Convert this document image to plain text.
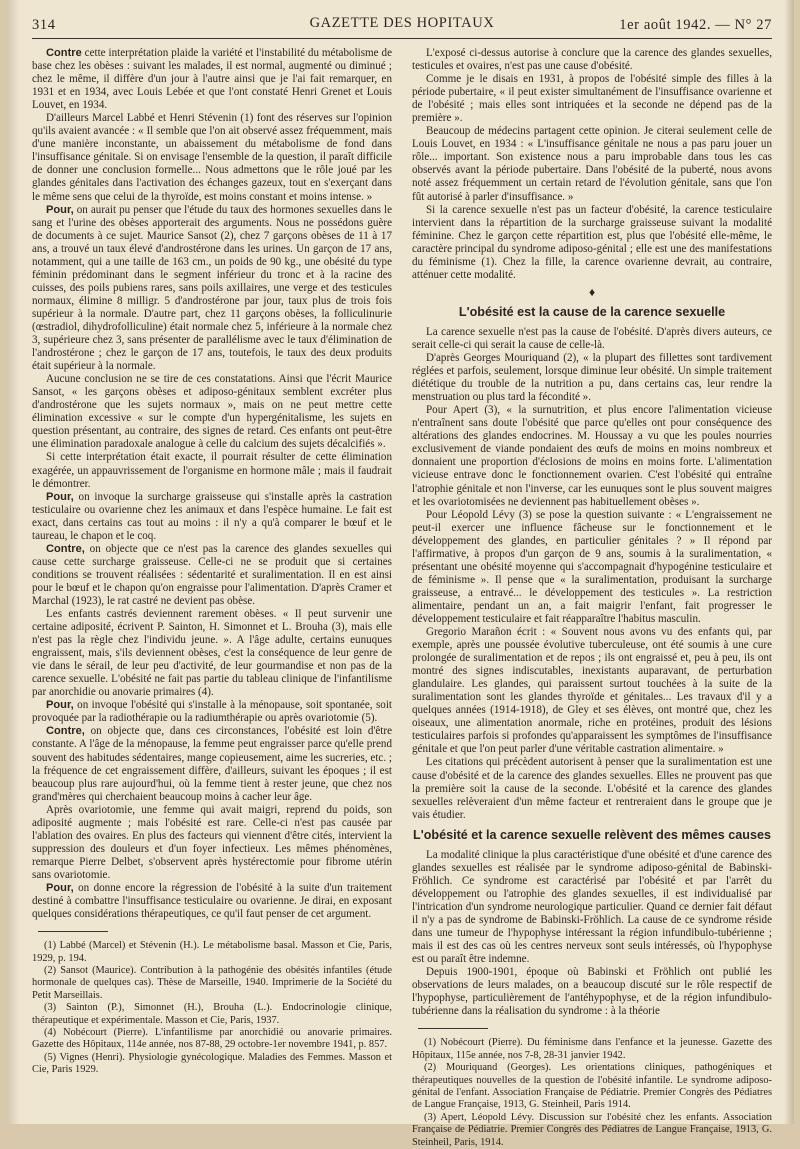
314	GAZETTE DES HOPITAUX	1er août 1942. — N° 27

Contre cette interprétation plaide la variété et l'instabilité du métabolisme de base chez les obèses : suivant les malades, il est normal, augmenté ou diminué ; chez le même, il diffère d'un jour à l'autre ainsi que je l'ai fait remarquer, en 1931 et en 1934, avec Louis Lebée et que l'ont constaté Henri Grenet et Louis Louvet, en 1934.

D'ailleurs Marcel Labbé et Henri Stévenin (1) font des réserves sur l'opinion qu'ils avaient avancée : « Il semble que l'on ait observé assez fréquemment, mais d'une manière inconstante, un abaissement du métabolisme de fond dans l'insuffisance génitale. Si on envisage l'ensemble de la question, il paraît difficile de donner une conclusion formelle... Nous admettons que le rôle joué par les glandes génitales dans l'activation des échanges gazeux, tout en s'exerçant dans le même sens que celui de la thyroïde, est moins constant et moins intense. »

Pour, on aurait pu penser que l'étude du taux des hormones sexuelles dans le sang et l'urine des obèses apporterait des arguments. Nous ne possédons guère de documents à ce sujet. Maurice Sansot (2), chez 7 garçons obèses de 11 à 17 ans, a trouvé un taux élevé d'androstérone dans les urines. Un garçon de 17 ans, notamment, qui a une taille de 163 cm., un poids de 90 kg., une obésité du type féminin prédominant dans le segment inférieur du tronc et à la racine des cuisses, des poils pubiens rares, sans poils axillaires, une verge et des testicules normaux, élimine 8 milligr. 5 d'androstérone par jour, taux plus de trois fois supérieur à la normale. D'autre part, chez 11 garçons obèses, la folliculinurie (œstradiol, dihydrofolliculine) était normale chez 5, inférieure à la normale chez 3, supérieure chez 3, sans présenter de parallélisme avec le taux d'élimination de l'androstérone ; chez le garçon de 17 ans, toutefois, le taux des deux produits était supérieur à la normale.

Aucune conclusion ne se tire de ces constatations. Ainsi que l'écrit Maurice Sansot, « les garçons obèses et adiposo-génitaux semblent excréter plus d'androstérone que les sujets normaux », mais on ne peut mettre cette élimination excessive « sur le compte d'un hypergénitalisme, les sujets en question présentant, au contraire, des signes de retard. Ces enfants ont peut-être une élimination paradoxale analogue à celle du calcium des sujets décalcifiés ».

Si cette interprétation était exacte, il pourrait résulter de cette élimination exagérée, un appauvrissement de l'organisme en hormone mâle ; mais il faudrait le démontrer.

Pour, on invoque la surcharge graisseuse qui s'installe après la castration testiculaire ou ovarienne chez les animaux et dans l'espèce humaine. Le fait est exact, dans certains cas tout au moins : il n'y a qu'à comparer le bœuf et le taureau, le chapon et le coq.

Contre, on objecte que ce n'est pas la carence des glandes sexuelles qui cause cette surcharge graisseuse. Celle-ci ne se produit que si certaines conditions se trouvent réalisées : sédentarité et suralimentation. Il en est ainsi pour le bœuf et le chapon qu'on engraisse pour l'alimentation. D'après Cramer et Marchal (1923), le rat castré ne devient pas obèse.

Les enfants castrés deviennent rarement obèses. « Il peut survenir une certaine adiposité, écrivent P. Sainton, H. Simonnet et L. Brouha (3), mais elle n'est pas la règle chez l'individu jeune. ». A l'âge adulte, certains eunuques engraissent, mais, s'ils deviennent obèses, c'est la conséquence de leur genre de vie dans le sérail, de leur peu d'activité, de leur gourmandise et non pas de la carence sexuelle. L'obésité ne fait pas partie du tableau clinique de l'infantilisme par anorchidie ou anovarie primaires (4).

Pour, on invoque l'obésité qui s'installe à la ménopause, soit spontanée, soit provoquée par la radiothérapie ou la radiumthérapie ou après ovariotomie (5).

Contre, on objecte que, dans ces circonstances, l'obésité est loin d'être constante. A l'âge de la ménopause, la femme peut engraisser parce qu'elle prend souvent des habitudes sédentaires, mange copieusement, aime les sucreries, etc. ; la fréquence de cet engraissement diffère, d'ailleurs, suivant les époques ; il est beaucoup plus rare aujourd'hui, où la femme tient à rester jeune, que chez nos grand'mères qui cherchaient beaucoup moins à cacher leur âge.

Après ovariotomie, une femme qui avait maigri, reprend du poids, son adiposité augmente ; mais l'obésité est rare. Celle-ci n'est pas causée par l'ablation des ovaires. En plus des facteurs qui viennent d'être cités, intervient la suppression des douleurs et d'un foyer infectieux. Les mêmes phénomènes, remarque Pierre Delbet, s'observent après hystérectomie pour fibrome utérin sans ovariotomie.

Pour, on donne encore la régression de l'obésité à la suite d'un traitement destiné à combattre l'insuffisance testiculaire ou ovarienne. Je dirai, en exposant quelques considérations thérapeutiques, ce qu'il faut penser de cet argument.

(1) Labbé (Marcel) et Stévenin (H.). Le métabolisme basal. Masson et Cie, Paris, 1929, p. 194.

(2) Sansot (Maurice). Contribution à la pathogénie des obésités infantiles (étude hormonale de quelques cas). Thèse de Marseille, 1940. Imprimerie de la Société du Petit Marseillais.

(3) Sainton (P.), Simonnet (H.), Brouha (L.). Endocrinologie clinique, thérapeutique et expérimentale. Masson et Cie, Paris, 1937.

(4) Nobécourt (Pierre). L'infantilisme par anorchidié ou anovarie primaires. Gazette des Hôpitaux, 114e année, nos 87-88, 29 octobre-1er novembre 1941, p. 857.

(5) Vignes (Henri). Physiologie gynécologique. Maladies des Femmes. Masson et Cie, Paris 1929.

L'exposé ci-dessus autorise à conclure que la carence des glandes sexuelles, testicules et ovaires, n'est pas une cause d'obésité.

Comme je le disais en 1931, à propos de l'obésité simple des filles à la période pubertaire, « il peut exister simultanément de l'insuffisance ovarienne et de l'obésité ; mais elles sont intriquées et la seconde ne dépend pas de la première ».

Beaucoup de médecins partagent cette opinion. Je citerai seulement celle de Louis Louvet, en 1934 : « L'insuffisance génitale ne nous a pas paru jouer un rôle... important. Son existence nous a paru improbable dans tous les cas observés avant la période pubertaire. Dans l'obésité de la puberté, nous avons noté assez fréquemment un certain retard de l'évolution génitale, sans que l'on fût autorisé à parler d'insuffisance. »

Si la carence sexuelle n'est pas un facteur d'obésité, la carence testiculaire intervient dans la répartition de la surcharge graisseuse suivant la modalité féminine. Chez le garçon cette répartition est, plus que l'obésité elle-même, le caractère principal du syndrome adiposo-génital ; elle est une des manifestations du féminisme (1). Chez la fille, la carence ovarienne devrait, au contraire, atténuer cette modalité.

♦
L'obésité est la cause de la carence sexuelle

La carence sexuelle n'est pas la cause de l'obésité. D'après divers auteurs, ce serait celle-ci qui serait la cause de celle-là.

D'après Georges Mouriquand (2), « la plupart des fillettes sont tardivement réglées et parfois, seulement, lorsque diminue leur obésité. Un simple traitement diététique du trouble de la nutrition a pu, dans certains cas, leur rendre la menstruation ou plus tard la fécondité ».

Pour Apert (3), « la surnutrition, et plus encore l'alimentation vicieuse n'entraînent sans doute l'obésité que parce qu'elles ont pour conséquence des altérations des glandes endocrines. M. Houssay a vu que les poules nourries exclusivement de viande pondaient des œufs de moins en moins nombreux et donnaient une proportion d'éclosions de moins en moins forte. L'alimentation vicieuse entrave donc le fonctionnement ovarien. C'est l'obésité qui entraîne l'atrophie génitale et non l'inverse, car les eunuques sont le plus souvent maigres et les ovariotomisées ne deviennent pas habituellement obèses ».

Pour Léopold Lévy (3) se pose la question suivante : « L'engraissement ne peut-il exercer une influence fâcheuse sur le fonctionnement et le développement des glandes, en particulier génitales ? » Il répond par l'affirmative, à propos d'un garçon de 9 ans, soumis à la suralimentation, « présentant une obésité moyenne qui s'accompagnait d'hypogénine testiculaire et de féminisme ». Il pense que « la suralimentation, produisant la surcharge graisseuse, a entravé... le développement des testicules ». La restriction alimentaire, pendant un an, a fait maigrir l'enfant, fait progresser le développement testiculaire et fait réapparaître l'habitus masculin.

Gregorio Marañon écrit : « Souvent nous avons vu des enfants qui, par exemple, après une poussée évolutive tuberculeuse, ont été soumis à une cure prolongée de suralimentation et de repos ; ils ont engraissé et, peu à peu, ils ont montré des signes indiscutables, inexistants auparavant, de perturbation glandulaire. Les glandes, qui paraissent surtout touchées à la suite de la suralimentation sont les glandes thyroïde et génitales... Les travaux d'il y a quelques années (1914-1918), de Gley et ses élèves, ont montré que, chez les oiseaux, une alimentation anormale, riche en protéines, produit des lésions testiculaires parfois si profondes qu'apparaissent les symptômes de l'insuffisance génitale et que l'on peut parler d'une véritable castration alimentaire. »

Les citations qui précèdent autorisent à penser que la suralimentation est une cause d'obésité et de la carence des glandes sexuelles. Elles ne prouvent pas que la première soit la cause de la seconde. L'obésité et la carence des glandes sexuelles relèveraient d'un même facteur et rentreraient dans le groupe que je vais étudier.

L'obésité et la carence sexuelle relèvent des mêmes causes

La modalité clinique la plus caractéristique d'une obésité et d'une carence des glandes sexuelles est réalisée par le syndrome adiposo-génital de Babinski-Fröhlich. Ce syndrome est caractérisé par l'obésité et par l'arrêt du développement ou l'atrophie des glandes sexuelles, il est individualisé par l'intrication d'un syndrome neurologique particulier. Quand ce dernier fait défaut il n'y a pas de syndrome de Babinski-Fröhlich. La cause de ce syndrome réside dans une tumeur de l'hypophyse intéressant la région infundibulo-tubérienne ; mais il est des cas où les centres nerveux sont seuls intéressés, où l'hypophyse est ou paraît être indemne.

Depuis 1900-1901, époque où Babinski et Fröhlich ont publié les observations de leurs malades, on a beaucoup discuté sur le rôle respectif de l'hypophyse, particulièrement de l'antéhypophyse, et de la région infundibulo-tubérienne dans la réalisation du syndrome : à la théorie

(1) Nobécourt (Pierre). Du féminisme dans l'enfance et la jeunesse. Gazette des Hôpitaux, 115e année, nos 7-8, 28-31 janvier 1942.

(2) Mouriquand (Georges). Les orientations cliniques, pathogéniques et thérapeutiques nouvelles de la question de l'obésité infantile. Le syndrome adiposo-génital de l'enfant. Association Française de Pédiatrie. Premier Congrès des Pédiatres de Langue Française, 1913, G. Steinheil, Paris 1914.

(3) Apert, Léopold Lévy. Discussion sur l'obésité chez les enfants. Association Française de Pédiatrie. Premier Congrès des Pédiatres de Langue Française, 1913, G. Steinheil, Paris, 1914.
